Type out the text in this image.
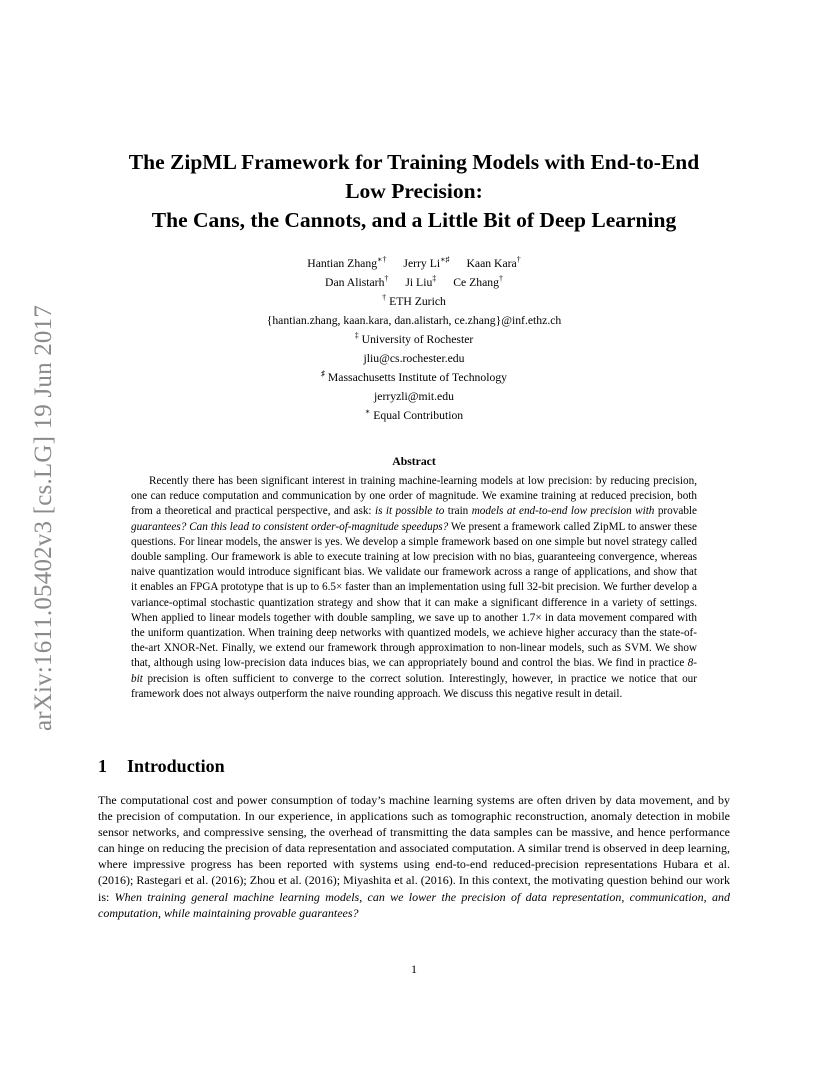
arXiv:1611.05402v3 [cs.LG] 19 Jun 2017
The ZipML Framework for Training Models with End-to-End
Low Precision:
The Cans, the Cannots, and a Little Bit of Deep Learning
Hantian Zhang∗† Jerry Li∗♯ Kaan Kara†
Dan Alistarh† Ji Liu‡ Ce Zhang†
† ETH Zurich
{hantian.zhang, kaan.kara, dan.alistarh, ce.zhang}@inf.ethz.ch
‡ University of Rochester
jliu@cs.rochester.edu
♯ Massachusetts Institute of Technology
jerryzli@mit.edu
∗ Equal Contribution
Abstract
Recently there has been significant interest in training machine-learning models at low precision: by reducing precision, one can reduce computation and communication by one order of magnitude. We examine training at reduced precision, both from a theoretical and practical perspective, and ask: is it possible to train models at end-to-end low precision with provable guarantees? Can this lead to consistent order-of-magnitude speedups? We present a framework called ZipML to answer these questions. For linear models, the answer is yes. We develop a simple framework based on one simple but novel strategy called double sampling. Our framework is able to execute training at low precision with no bias, guaranteeing convergence, whereas naive quantization would introduce significant bias. We validate our framework across a range of applications, and show that it enables an FPGA prototype that is up to 6.5× faster than an implementation using full 32-bit precision. We further develop a variance-optimal stochastic quantization strategy and show that it can make a significant difference in a variety of settings. When applied to linear models together with double sampling, we save up to another 1.7× in data movement compared with the uniform quantization. When training deep networks with quantized models, we achieve higher accuracy than the state-of-the-art XNOR-Net. Finally, we extend our framework through approximation to non-linear models, such as SVM. We show that, although using low-precision data induces bias, we can appropriately bound and control the bias. We find in practice 8-bit precision is often sufficient to converge to the correct solution. Interestingly, however, in practice we notice that our framework does not always outperform the naive rounding approach. We discuss this negative result in detail.
1 Introduction
The computational cost and power consumption of today’s machine learning systems are often driven by data movement, and by the precision of computation. In our experience, in applications such as tomographic reconstruction, anomaly detection in mobile sensor networks, and compressive sensing, the overhead of transmitting the data samples can be massive, and hence performance can hinge on reducing the precision of data representation and associated computation. A similar trend is observed in deep learning, where impressive progress has been reported with systems using end-to-end reduced-precision representations Hubara et al. (2016); Rastegari et al. (2016); Zhou et al. (2016); Miyashita et al. (2016). In this context, the motivating question behind our work is: When training general machine learning models, can we lower the precision of data representation, communication, and computation, while maintaining provable guarantees?
1
